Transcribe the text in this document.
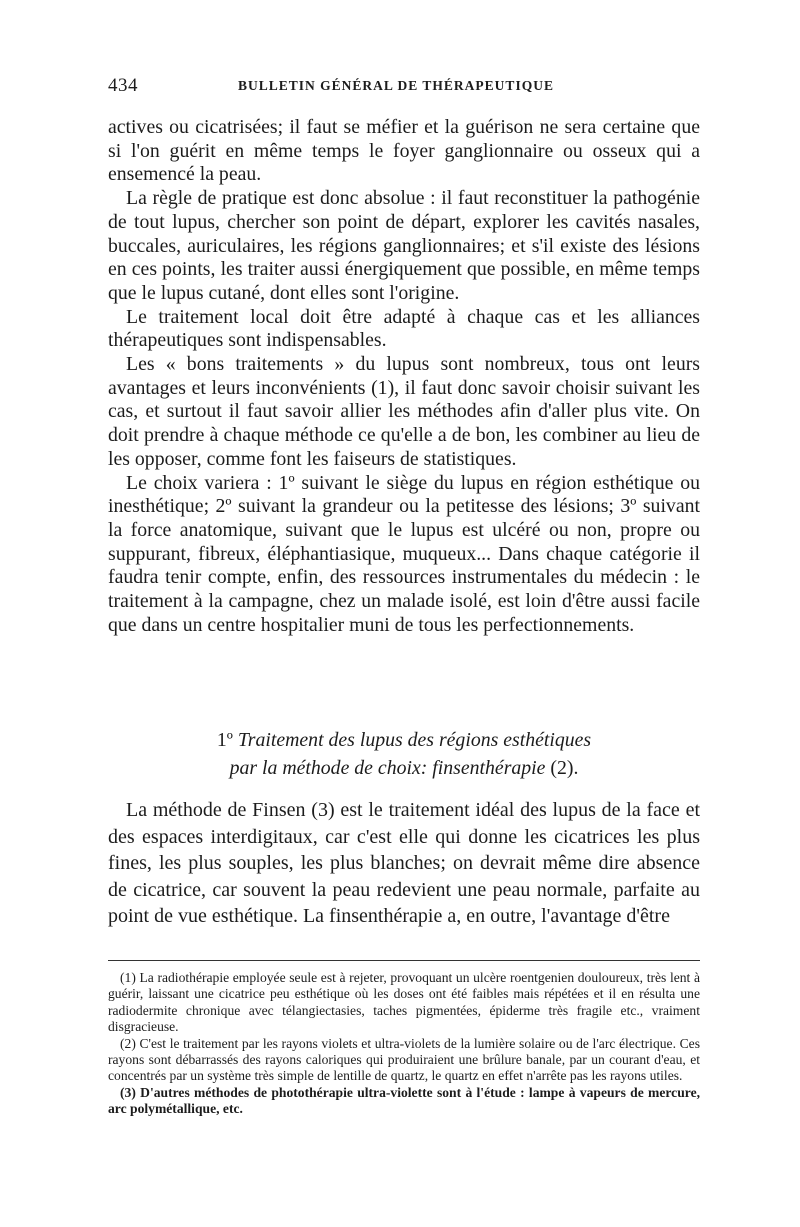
434	BULLETIN GÉNÉRAL DE THÉRAPEUTIQUE

actives ou cicatrisées; il faut se méfier et la guérison ne sera certaine que si l'on guérit en même temps le foyer ganglionnaire ou osseux qui a ensemencé la peau.

La règle de pratique est donc absolue : il faut reconstituer la pathogénie de tout lupus, chercher son point de départ, explorer les cavités nasales, buccales, auriculaires, les régions ganglionnaires; et s'il existe des lésions en ces points, les traiter aussi énergiquement que possible, en même temps que le lupus cutané, dont elles sont l'origine.

Le traitement local doit être adapté à chaque cas et les alliances thérapeutiques sont indispensables.

Les « bons traitements » du lupus sont nombreux, tous ont leurs avantages et leurs inconvénients (1), il faut donc savoir choisir suivant les cas, et surtout il faut savoir allier les méthodes afin d'aller plus vite. On doit prendre à chaque méthode ce qu'elle a de bon, les combiner au lieu de les opposer, comme font les faiseurs de statistiques.

Le choix variera : 1º suivant le siège du lupus en région esthétique ou inesthétique; 2º suivant la grandeur ou la petitesse des lésions; 3º suivant la force anatomique, suivant que le lupus est ulcéré ou non, propre ou suppurant, fibreux, éléphantiasique, muqueux... Dans chaque catégorie il faudra tenir compte, enfin, des ressources instrumentales du médecin : le traitement à la campagne, chez un malade isolé, est loin d'être aussi facile que dans un centre hospitalier muni de tous les perfectionnements.

1º Traitement des lupus des régions esthétiques
par la méthode de choix: finsenthérapie (2).

La méthode de Finsen (3) est le traitement idéal des lupus de la face et des espaces interdigitaux, car c'est elle qui donne les cicatrices les plus fines, les plus souples, les plus blanches; on devrait même dire absence de cicatrice, car souvent la peau redevient une peau normale, parfaite au point de vue esthétique. La finsenthérapie a, en outre, l'avantage d'être

(1) La radiothérapie employée seule est à rejeter, provoquant un ulcère roentgenien douloureux, très lent à guérir, laissant une cicatrice peu esthétique où les doses ont été faibles mais répétées et il en résulta une radiodermite chronique avec télangiectasies, taches pigmentées, épiderme très fragile etc., vraiment disgracieuse.

(2) C'est le traitement par les rayons violets et ultra-violets de la lumière solaire ou de l'arc électrique. Ces rayons sont débarrassés des rayons caloriques qui produiraient une brûlure banale, par un courant d'eau, et concentrés par un système très simple de lentille de quartz, le quartz en effet n'arrête pas les rayons utiles.

(3) D'autres méthodes de photothérapie ultra-violette sont à l'étude : lampe à vapeurs de mercure, arc polymétallique, etc.
